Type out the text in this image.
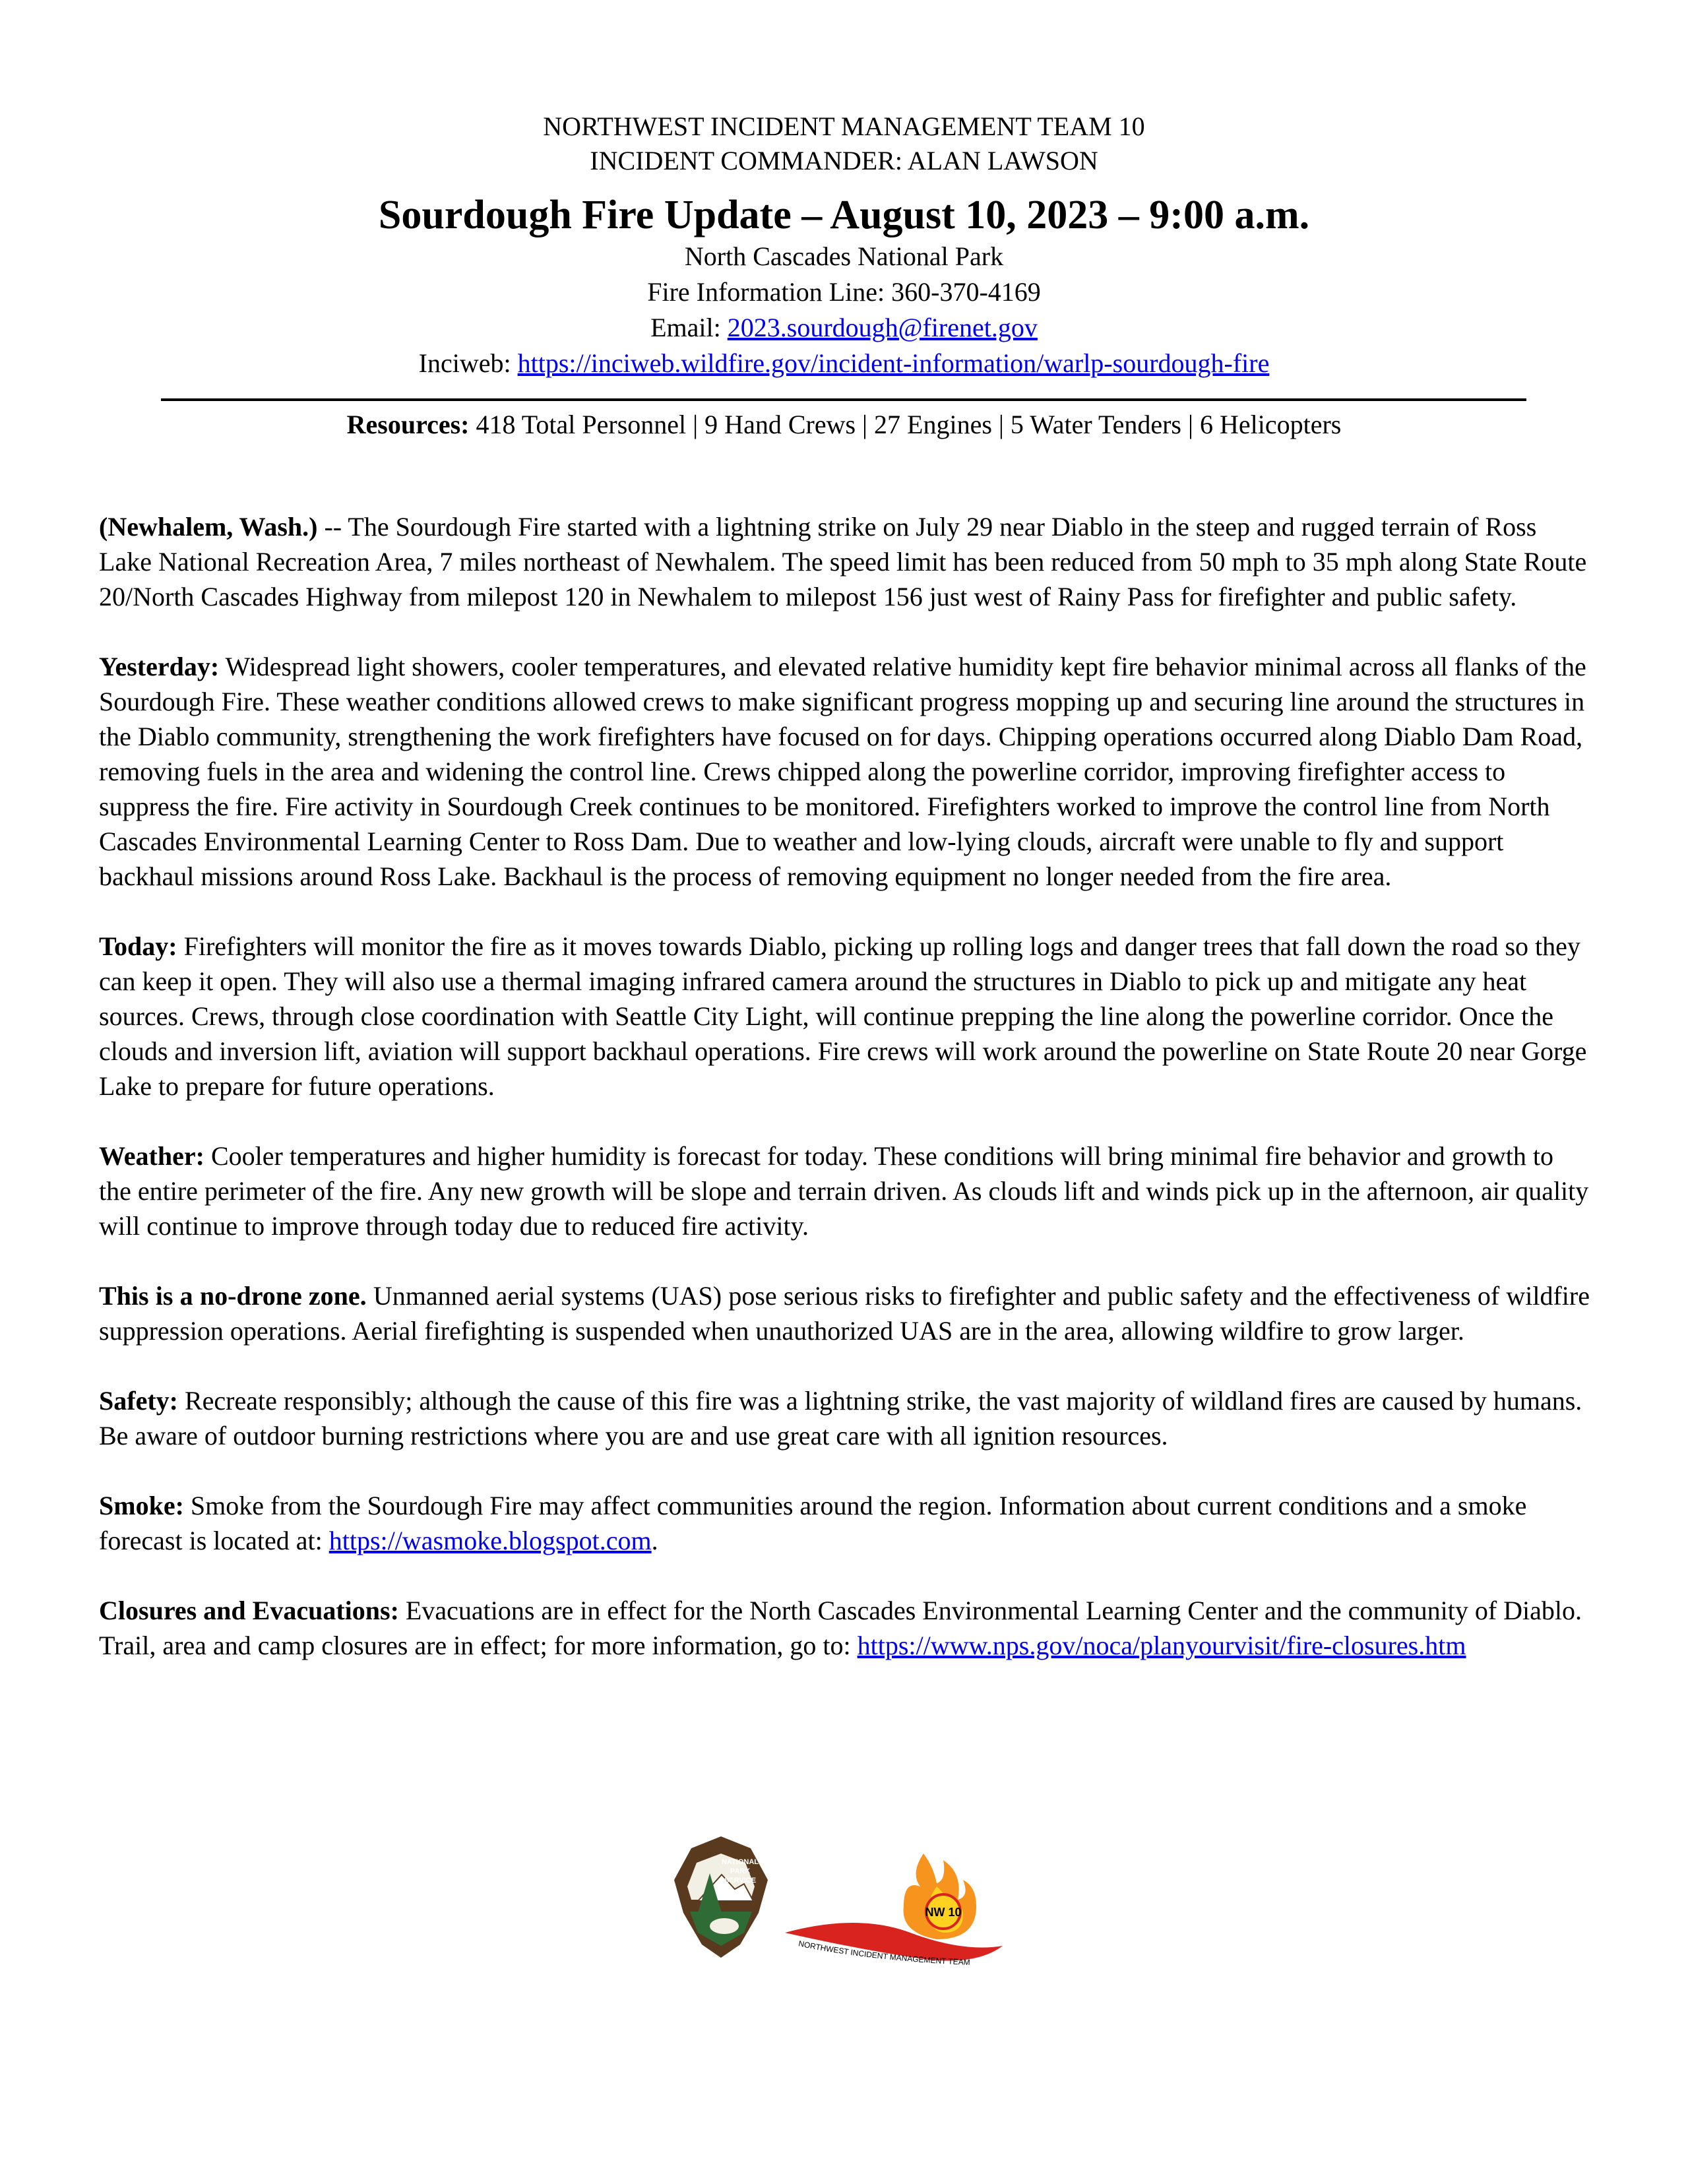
NORTHWEST INCIDENT MANAGEMENT TEAM 10
INCIDENT COMMANDER: ALAN LAWSON
Sourdough Fire Update – August 10, 2023 – 9:00 a.m.
North Cascades National Park
Fire Information Line: 360-370-4169
Email: 2023.sourdough@firenet.gov
Inciweb: https://inciweb.wildfire.gov/incident-information/warlp-sourdough-fire
Resources: 418 Total Personnel | 9 Hand Crews | 27 Engines | 5 Water Tenders | 6 Helicopters

(Newhalem, Wash.) -- The Sourdough Fire started with a lightning strike on July 29 near Diablo in the steep and rugged terrain of Ross Lake National Recreation Area, 7 miles northeast of Newhalem. The speed limit has been reduced from 50 mph to 35 mph along State Route 20/North Cascades Highway from milepost 120 in Newhalem to milepost 156 just west of Rainy Pass for firefighter and public safety.

Yesterday: Widespread light showers, cooler temperatures, and elevated relative humidity kept fire behavior minimal across all flanks of the Sourdough Fire. These weather conditions allowed crews to make significant progress mopping up and securing line around the structures in the Diablo community, strengthening the work firefighters have focused on for days. Chipping operations occurred along Diablo Dam Road, removing fuels in the area and widening the control line. Crews chipped along the powerline corridor, improving firefighter access to suppress the fire. Fire activity in Sourdough Creek continues to be monitored. Firefighters worked to improve the control line from North Cascades Environmental Learning Center to Ross Dam. Due to weather and low-lying clouds, aircraft were unable to fly and support backhaul missions around Ross Lake. Backhaul is the process of removing equipment no longer needed from the fire area.

Today: Firefighters will monitor the fire as it moves towards Diablo, picking up rolling logs and danger trees that fall down the road so they can keep it open. They will also use a thermal imaging infrared camera around the structures in Diablo to pick up and mitigate any heat sources. Crews, through close coordination with Seattle City Light, will continue prepping the line along the powerline corridor. Once the clouds and inversion lift, aviation will support backhaul operations. Fire crews will work around the powerline on State Route 20 near Gorge Lake to prepare for future operations.

Weather: Cooler temperatures and higher humidity is forecast for today. These conditions will bring minimal fire behavior and growth to the entire perimeter of the fire. Any new growth will be slope and terrain driven. As clouds lift and winds pick up in the afternoon, air quality will continue to improve through today due to reduced fire activity.

This is a no-drone zone. Unmanned aerial systems (UAS) pose serious risks to firefighter and public safety and the effectiveness of wildfire suppression operations. Aerial firefighting is suspended when unauthorized UAS are in the area, allowing wildfire to grow larger.

Safety: Recreate responsibly; although the cause of this fire was a lightning strike, the vast majority of wildland fires are caused by humans. Be aware of outdoor burning restrictions where you are and use great care with all ignition resources.

Smoke: Smoke from the Sourdough Fire may affect communities around the region. Information about current conditions and a smoke forecast is located at: https://wasmoke.blogspot.com.

Closures and Evacuations: Evacuations are in effect for the North Cascades Environmental Learning Center and the community of Diablo. Trail, area and camp closures are in effect; for more information, go to: https://www.nps.gov/noca/planyourvisit/fire-closures.htm

NATIONAL
PARK
SERVICE
NW 10
NORTHWEST INCIDENT MANAGEMENT TEAM
